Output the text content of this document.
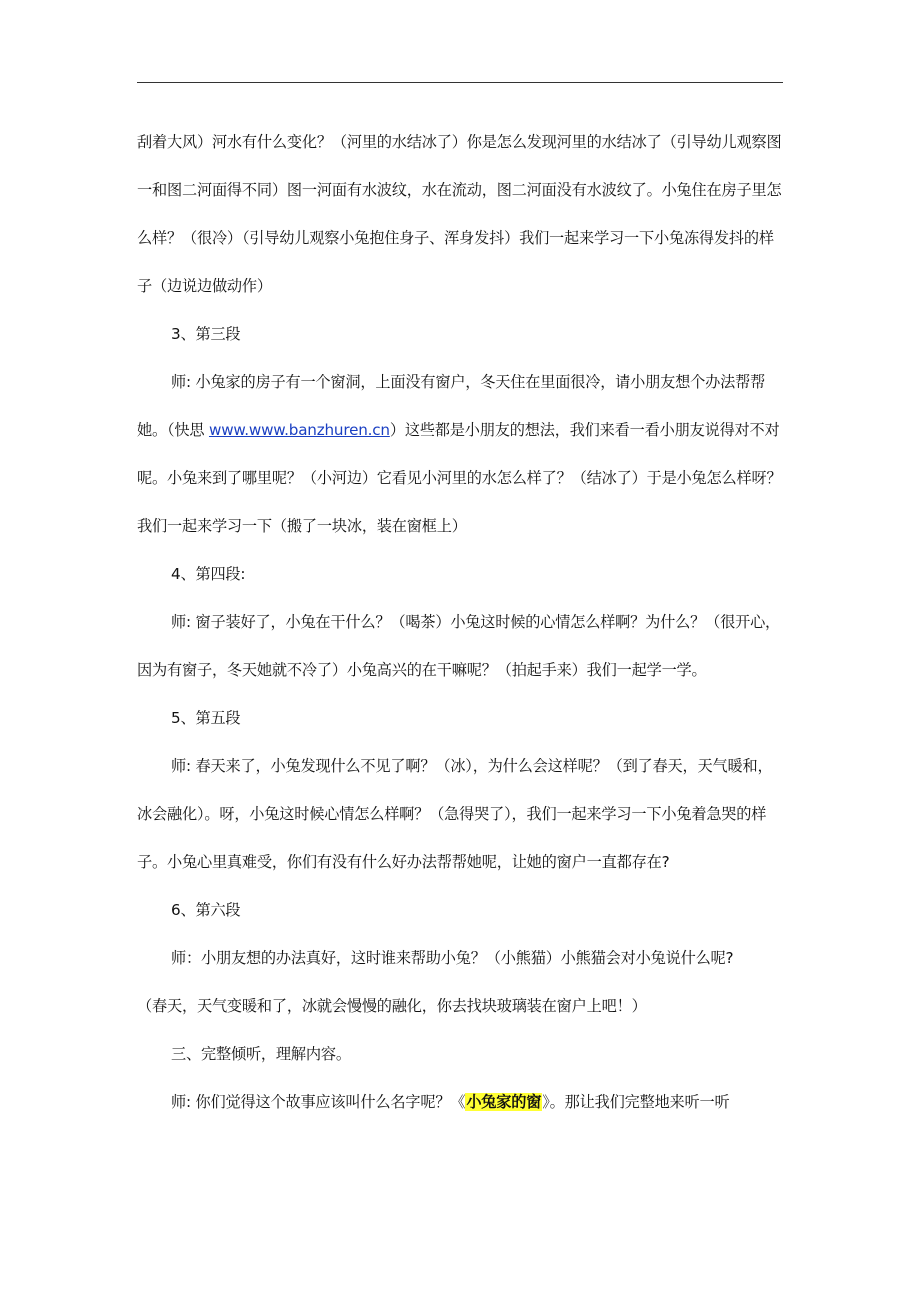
刮着大风）河水有什么变化？（河里的水结冰了）你是怎么发现河里的水结冰了（引导幼儿观察图一和图二河面得不同）图一河面有水波纹，水在流动，图二河面没有水波纹了。小兔住在房子里怎么样？（很冷）（引导幼儿观察小兔抱住身子、浑身发抖）我们一起来学习一下小兔冻得发抖的样子（边说边做动作）

3、第三段

师: 小兔家的房子有一个窗洞，上面没有窗户，冬天住在里面很冷，请小朋友想个办法帮帮她。（快思 www.www.banzhuren.cn）这些都是小朋友的想法，我们来看一看小朋友说得对不对呢。小兔来到了哪里呢？（小河边）它看见小河里的水怎么样了？（结冰了）于是小兔怎么样呀？我们一起来学习一下（搬了一块冰，装在窗框上）

4、第四段:

师: 窗子装好了，小兔在干什么？（喝茶）小兔这时候的心情怎么样啊？为什么？（很开心，因为有窗子，冬天她就不冷了）小兔高兴的在干嘛呢？（拍起手来）我们一起学一学。

5、第五段

师: 春天来了，小兔发现什么不见了啊？（冰），为什么会这样呢？（到了春天，天气暖和，冰会融化）。呀，小兔这时候心情怎么样啊？（急得哭了），我们一起来学习一下小兔着急哭的样子。小兔心里真难受，你们有没有什么好办法帮帮她呢，让她的窗户一直都存在?

6、第六段

师：小朋友想的办法真好，这时谁来帮助小兔？（小熊猫）小熊猫会对小兔说什么呢?

（春天，天气变暖和了，冰就会慢慢的融化，你去找块玻璃装在窗户上吧！）

三、完整倾听，理解内容。

师: 你们觉得这个故事应该叫什么名字呢？《小兔家的窗》。那让我们完整地来听一听
